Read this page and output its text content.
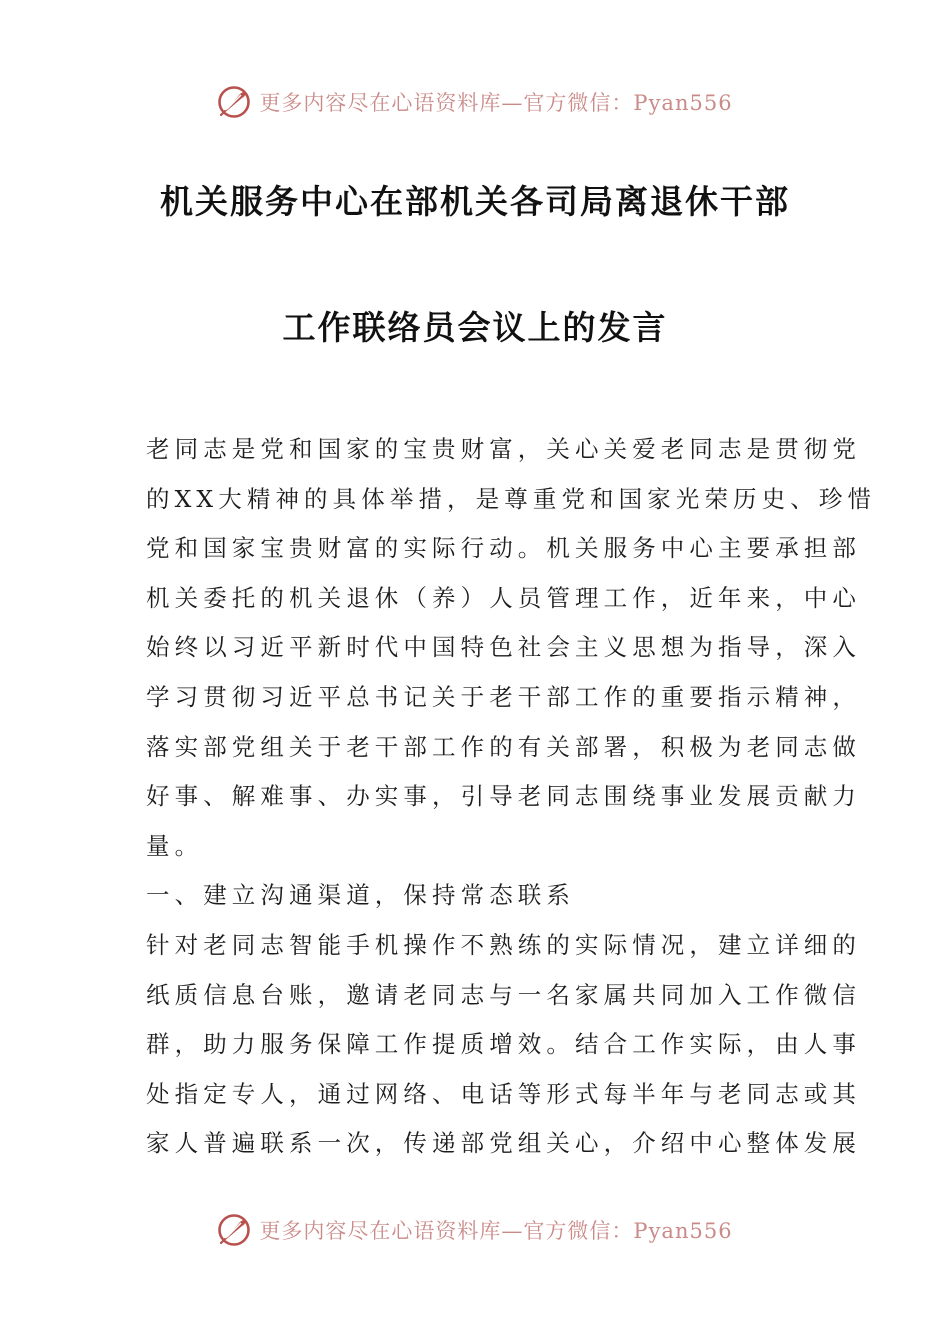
更多内容尽在心语资料库—官方微信：Pyan556
机关服务中心在部机关各司局离退休干部
工作联络员会议上的发言
老同志是党和国家的宝贵财富，关心关爱老同志是贯彻党
的XX大精神的具体举措，是尊重党和国家光荣历史、珍惜
党和国家宝贵财富的实际行动。机关服务中心主要承担部
机关委托的机关退休（养）人员管理工作，近年来，中心
始终以习近平新时代中国特色社会主义思想为指导，深入
学习贯彻习近平总书记关于老干部工作的重要指示精神，
落实部党组关于老干部工作的有关部署，积极为老同志做
好事、解难事、办实事，引导老同志围绕事业发展贡献力
量。
一、建立沟通渠道，保持常态联系
针对老同志智能手机操作不熟练的实际情况，建立详细的
纸质信息台账，邀请老同志与一名家属共同加入工作微信
群，助力服务保障工作提质增效。结合工作实际，由人事
处指定专人，通过网络、电话等形式每半年与老同志或其
家人普遍联系一次，传递部党组关心，介绍中心整体发展
更多内容尽在心语资料库—官方微信：Pyan556
